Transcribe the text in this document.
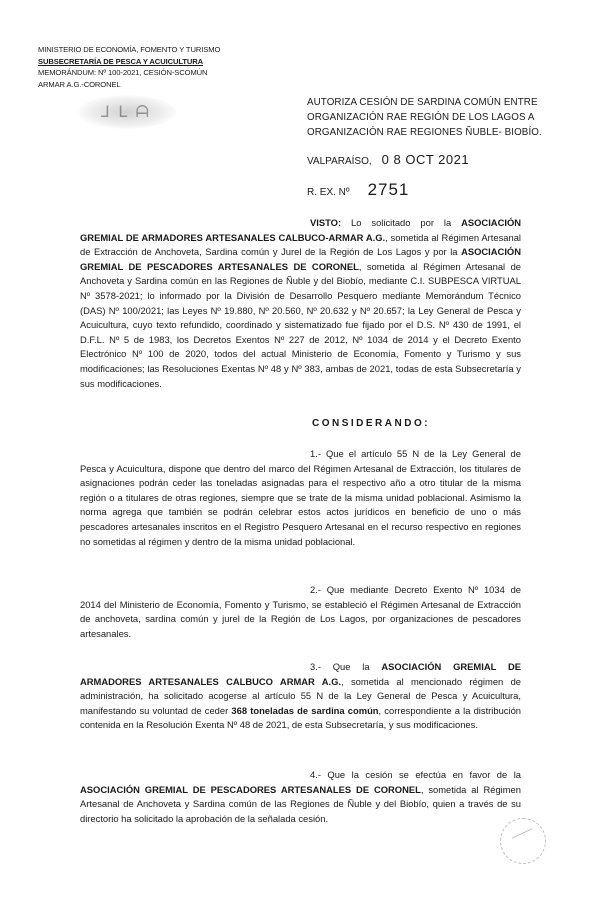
MINISTERIO DE ECONOMÍA, FOMENTO Y TURISMO
SUBSECRETARÍA DE PESCA Y ACUICULTURA
MEMORÁNDUM: Nº 100-2021, CESIÓN-SCOMÚN
ARMAR A.G.-CORONEL
ᒧ ᒪ ᗩ
AUTORIZA CESIÓN DE SARDINA COMÚN ENTRE ORGANIZACIÓN RAE REGIÓN DE LOS LAGOS A ORGANIZACIÓN RAE REGIONES ÑUBLE- BIOBÍO.
VALPARAÍSO, 0 8 OCT 2021
R. EX. Nº 2751
VISTO: Lo solicitado por la ASOCIACIÓN GREMIAL DE ARMADORES ARTESANALES CALBUCO-ARMAR A.G., sometida al Régimen Artesanal de Extracción de Anchoveta, Sardina común y Jurel de la Región de Los Lagos y por la ASOCIACIÓN GREMIAL DE PESCADORES ARTESANALES DE CORONEL, sometida al Régimen Artesanal de Anchoveta y Sardina común en las Regiones de Ñuble y del Biobío, mediante C.I. SUBPESCA VIRTUAL Nº 3578-2021; lo informado por la División de Desarrollo Pesquero mediante Memorándum Técnico (DAS) Nº 100/2021; las Leyes Nº 19.880, Nº 20.560, Nº 20.632 y Nº 20.657; la Ley General de Pesca y Acuicultura, cuyo texto refundido, coordinado y sistematizado fue fijado por el D.S. Nº 430 de 1991, el D.F.L. Nº 5 de 1983, los Decretos Exentos Nº 227 de 2012, Nº 1034 de 2014 y el Decreto Exento Electrónico Nº 100 de 2020, todos del actual Ministerio de Economía, Fomento y Turismo y sus modificaciones; las Resoluciones Exentas Nº 48 y Nº 383, ambas de 2021, todas de esta Subsecretaría y sus modificaciones.
CONSIDERANDO:
1.- Que el artículo 55 N de la Ley General de Pesca y Acuicultura, dispone que dentro del marco del Régimen Artesanal de Extracción, los titulares de asignaciones podrán ceder las toneladas asignadas para el respectivo año a otro titular de la misma región o a titulares de otras regiones, siempre que se trate de la misma unidad poblacional. Asimismo la norma agrega que también se podrán celebrar estos actos jurídicos en beneficio de uno o más pescadores artesanales inscritos en el Registro Pesquero Artesanal en el recurso respectivo en regiones no sometidas al régimen y dentro de la misma unidad poblacional.
2.- Que mediante Decreto Exento Nº 1034 de 2014 del Ministerio de Economía, Fomento y Turismo, se estableció el Régimen Artesanal de Extracción de anchoveta, sardina común y jurel de la Región de Los Lagos, por organizaciones de pescadores artesanales.
3.- Que la ASOCIACIÓN GREMIAL DE ARMADORES ARTESANALES CALBUCO ARMAR A.G., sometida al mencionado régimen de administración, ha solicitado acogerse al artículo 55 N de la Ley General de Pesca y Acuicultura, manifestando su voluntad de ceder 368 toneladas de sardina común, correspondiente a la distribución contenida en la Resolución Exenta Nº 48 de 2021, de esta Subsecretaría, y sus modificaciones.
4.- Que la cesión se efectúa en favor de la ASOCIACIÓN GREMIAL DE PESCADORES ARTESANALES DE CORONEL, sometida al Régimen Artesanal de Anchoveta y Sardina común de las Regiones de Ñuble y del Biobío, quien a través de su directorio ha solicitado la aprobación de la señalada cesión.
